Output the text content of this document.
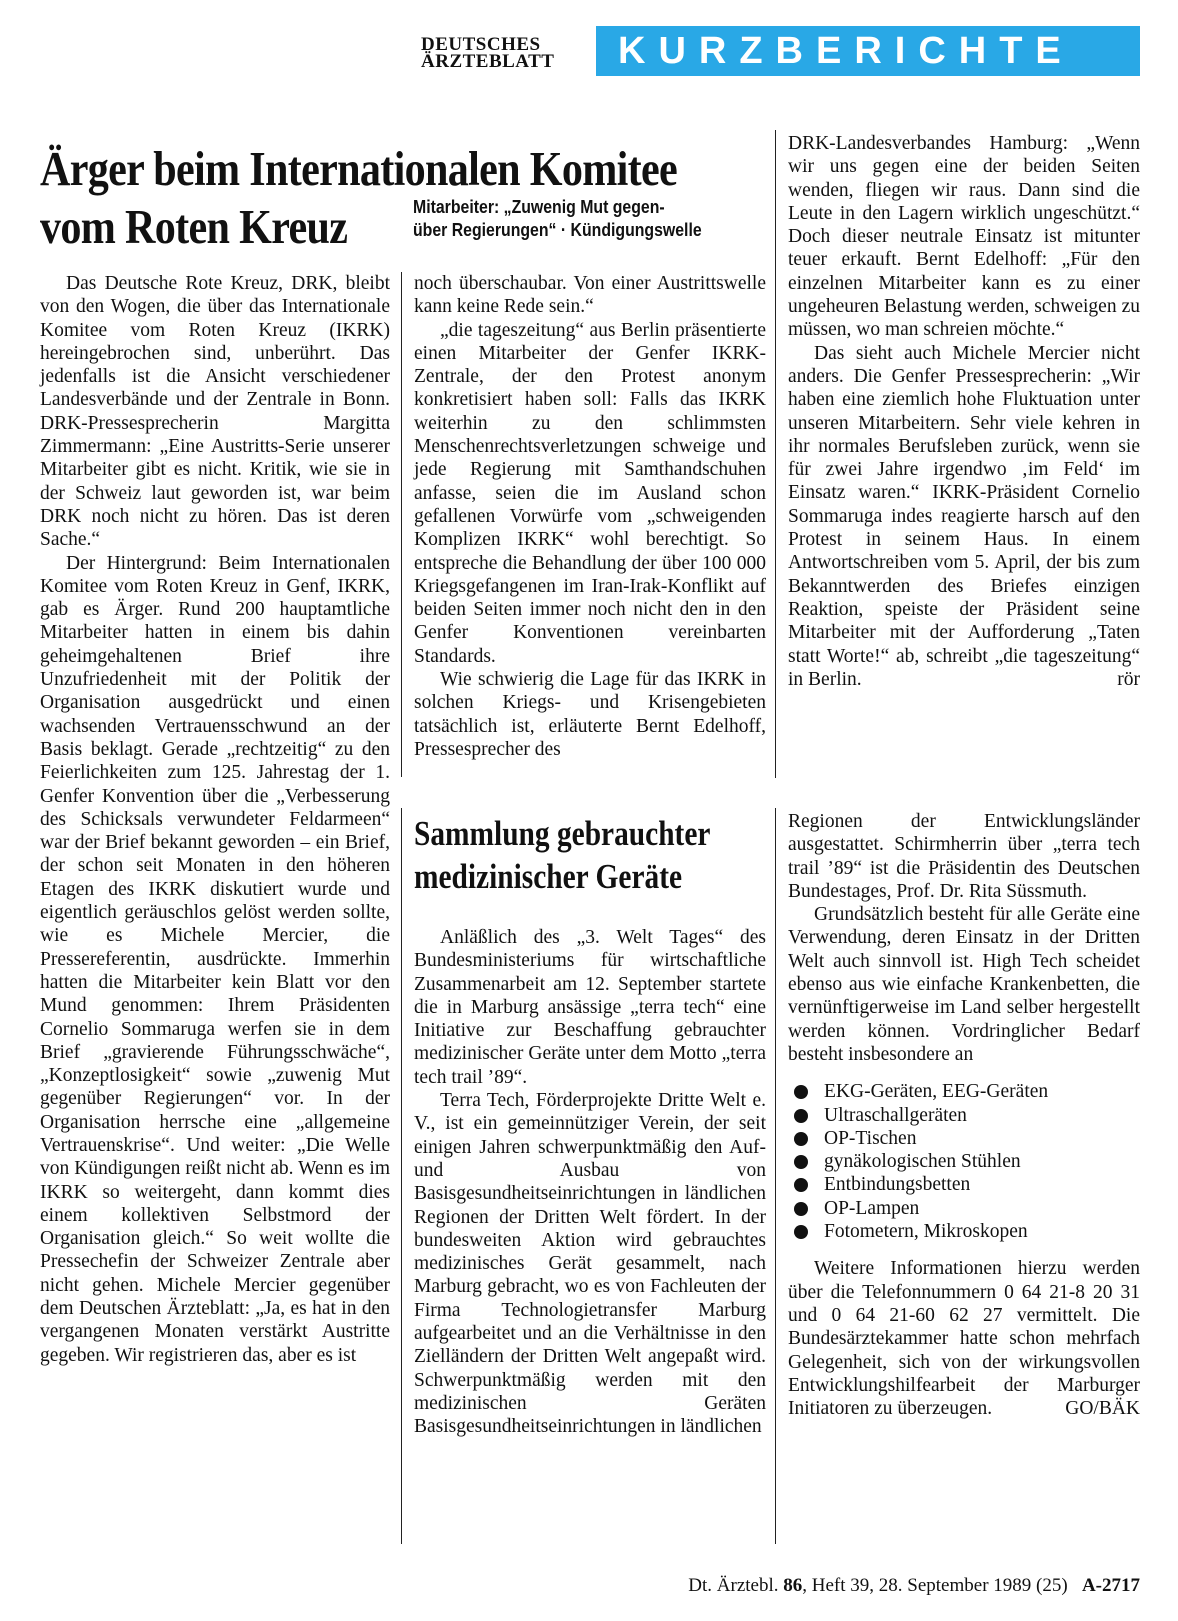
DEUTSCHES
ÄRZTEBLATT	KURZBERICHTE
Ärger beim Internationalen Komitee
vom Roten Kreuz	Mitarbeiter: „Zuwenig Mut gegen-
über Regierungen“ · Kündigungswelle

Das Deutsche Rote Kreuz, DRK, bleibt von den Wogen, die über das Internationale Komitee vom Roten Kreuz (IKRK) hereingebrochen sind, unberührt. Das jedenfalls ist die Ansicht verschiedener Landesverbände und der Zentrale in Bonn. DRK-Pressesprecherin Margitta Zimmermann: „Eine Austritts-Serie unserer Mitarbeiter gibt es nicht. Kritik, wie sie in der Schweiz laut geworden ist, war beim DRK noch nicht zu hören. Das ist deren Sache.“

Der Hintergrund: Beim Internationalen Komitee vom Roten Kreuz in Genf, IKRK, gab es Ärger. Rund 200 hauptamtliche Mitarbeiter hatten in einem bis dahin geheimgehaltenen Brief ihre Unzufriedenheit mit der Politik der Organisation ausgedrückt und einen wachsenden Vertrauensschwund an der Basis beklagt. Gerade „rechtzeitig“ zu den Feierlichkeiten zum 125. Jahrestag der 1. Genfer Konvention über die „Verbesserung des Schicksals verwundeter Feldarmeen“ war der Brief bekannt geworden – ein Brief, der schon seit Monaten in den höheren Etagen des IKRK diskutiert wurde und eigentlich geräuschlos gelöst werden sollte, wie es Michele Mercier, die Pressereferentin, ausdrückte. Immerhin hatten die Mitarbeiter kein Blatt vor den Mund genommen: Ihrem Präsidenten Cornelio Sommaruga werfen sie in dem Brief „gravierende Führungsschwäche“, „Konzeptlosigkeit“ sowie „zuwenig Mut gegenüber Regierungen“ vor. In der Organisation herrsche eine „allgemeine Vertrauenskrise“. Und weiter: „Die Welle von Kündigungen reißt nicht ab. Wenn es im IKRK so weitergeht, dann kommt dies einem kollektiven Selbstmord der Organisation gleich.“ So weit wollte die Pressechefin der Schweizer Zentrale aber nicht gehen. Michele Mercier gegenüber dem Deutschen Ärzteblatt: „Ja, es hat in den vergangenen Monaten verstärkt Austritte gegeben. Wir registrieren das, aber es ist

noch überschaubar. Von einer Austrittswelle kann keine Rede sein.“

„die tageszeitung“ aus Berlin präsentierte einen Mitarbeiter der Genfer IKRK-Zentrale, der den Protest anonym konkretisiert haben soll: Falls das IKRK weiterhin zu den schlimmsten Menschenrechtsverletzungen schweige und jede Regierung mit Samthandschuhen anfasse, seien die im Ausland schon gefallenen Vorwürfe vom „schweigenden Komplizen IKRK“ wohl berechtigt. So entspreche die Behandlung der über 100 000 Kriegsgefangenen im Iran-Irak-Konflikt auf beiden Seiten immer noch nicht den in den Genfer Konventionen vereinbarten Standards.

Wie schwierig die Lage für das IKRK in solchen Kriegs- und Krisengebieten tatsächlich ist, erläuterte Bernt Edelhoff, Pressesprecher des

DRK-Landesverbandes Hamburg: „Wenn wir uns gegen eine der beiden Seiten wenden, fliegen wir raus. Dann sind die Leute in den Lagern wirklich ungeschützt.“ Doch dieser neutrale Einsatz ist mitunter teuer erkauft. Bernt Edelhoff: „Für den einzelnen Mitarbeiter kann es zu einer ungeheuren Belastung werden, schweigen zu müssen, wo man schreien möchte.“

Das sieht auch Michele Mercier nicht anders. Die Genfer Pressesprecherin: „Wir haben eine ziemlich hohe Fluktuation unter unseren Mitarbeitern. Sehr viele kehren in ihr normales Berufsleben zurück, wenn sie für zwei Jahre irgendwo ‚im Feld‘ im Einsatz waren.“ IKRK-Präsident Cornelio Sommaruga indes reagierte harsch auf den Protest in seinem Haus. In einem Antwortschreiben vom 5. April, der bis zum Bekanntwerden des Briefes einzigen Reaktion, speiste der Präsident seine Mitarbeiter mit der Aufforderung „Taten statt Worte!“ ab, schreibt „die tageszeitung“ in Berlin.	rör

Sammlung gebrauchter
medizinischer Geräte

Anläßlich des „3. Welt Tages“ des Bundesministeriums für wirtschaftliche Zusammenarbeit am 12. September startete die in Marburg ansässige „terra tech“ eine Initiative zur Beschaffung gebrauchter medizinischer Geräte unter dem Motto „terra tech trail ’89“.

Terra Tech, Förderprojekte Dritte Welt e. V., ist ein gemeinnütziger Verein, der seit einigen Jahren schwerpunktmäßig den Auf- und Ausbau von Basisgesundheitseinrichtungen in ländlichen Regionen der Dritten Welt fördert. In der bundesweiten Aktion wird gebrauchtes medizinisches Gerät gesammelt, nach Marburg gebracht, wo es von Fachleuten der Firma Technologietransfer Marburg aufgearbeitet und an die Verhältnisse in den Zielländern der Dritten Welt angepaßt wird. Schwerpunktmäßig werden mit den medizinischen Geräten Basisgesundheitseinrichtungen in ländlichen

Regionen der Entwicklungsländer ausgestattet. Schirmherrin über „terra tech trail ’89“ ist die Präsidentin des Deutschen Bundestages, Prof. Dr. Rita Süssmuth.

Grundsätzlich besteht für alle Geräte eine Verwendung, deren Einsatz in der Dritten Welt auch sinnvoll ist. High Tech scheidet ebenso aus wie einfache Krankenbetten, die vernünftigerweise im Land selber hergestellt werden können. Vordringlicher Bedarf besteht insbesondere an

EKG-Geräten, EEG-Geräten
Ultraschallgeräten
OP-Tischen
gynäkologischen Stühlen
Entbindungsbetten
OP-Lampen
Fotometern, Mikroskopen

Weitere Informationen hierzu werden über die Telefonnummern 0 64 21-8 20 31 und 0 64 21-60 62 27 vermittelt. Die Bundesärztekammer hatte schon mehrfach Gelegenheit, sich von der wirkungsvollen Entwicklungshilfearbeit der Marburger Initiatoren zu überzeugen.	GO/BÄK

Dt. Ärztebl. 86, Heft 39, 28. September 1989 (25) A-2717
